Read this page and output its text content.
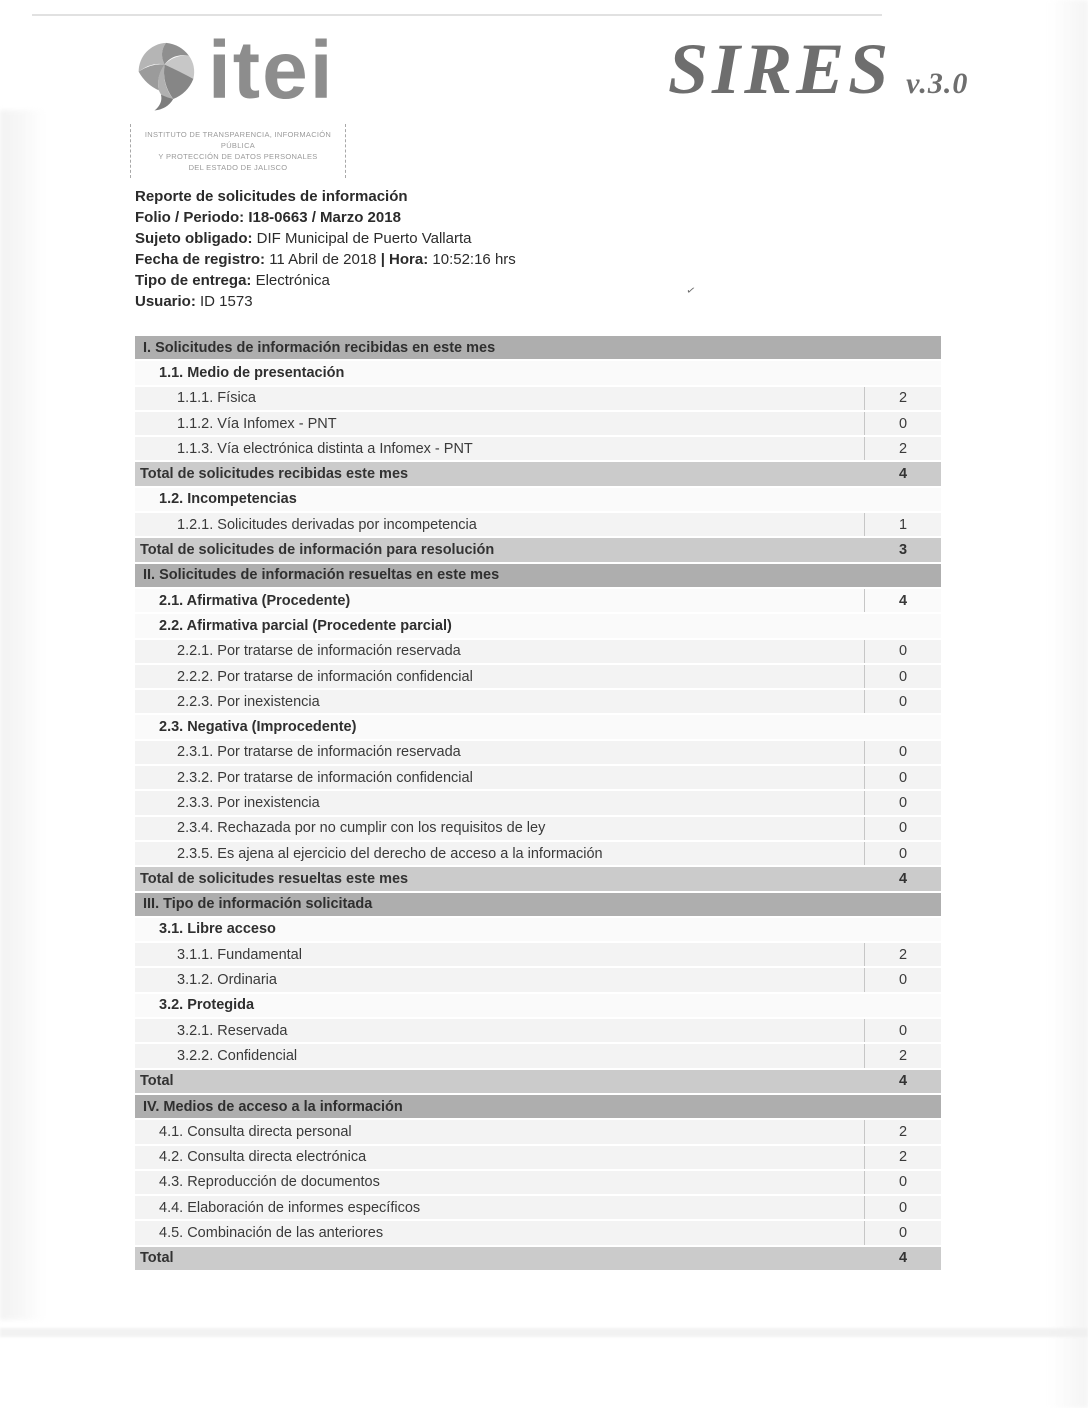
✓
itei
INSTITUTO DE TRANSPARENCIA, INFORMACIÓN PÚBLICA
Y PROTECCIÓN DE DATOS PERSONALES
DEL ESTADO DE JALISCO
SIRES v.3.0
Reporte de solicitudes de información
Folio / Periodo: I18-0663 / Marzo 2018
Sujeto obligado: DIF Municipal de Puerto Vallarta
Fecha de registro: 11 Abril de 2018 | Hora: 10:52:16 hrs
Tipo de entrega: Electrónica
Usuario: ID 1573
I. Solicitudes de información recibidas en este mes
1.1. Medio de presentación
1.1.1. Física	2
1.1.2. Vía Infomex - PNT	0
1.1.3. Vía electrónica distinta a Infomex - PNT	2
Total de solicitudes recibidas este mes	4
1.2. Incompetencias
1.2.1. Solicitudes derivadas por incompetencia	1
Total de solicitudes de información para resolución	3
II. Solicitudes de información resueltas en este mes
2.1. Afirmativa (Procedente)	4
2.2. Afirmativa parcial (Procedente parcial)
2.2.1. Por tratarse de información reservada	0
2.2.2. Por tratarse de información confidencial	0
2.2.3. Por inexistencia	0
2.3. Negativa (Improcedente)
2.3.1. Por tratarse de información reservada	0
2.3.2. Por tratarse de información confidencial	0
2.3.3. Por inexistencia	0
2.3.4. Rechazada por no cumplir con los requisitos de ley	0
2.3.5. Es ajena al ejercicio del derecho de acceso a la información	0
Total de solicitudes resueltas este mes	4
III. Tipo de información solicitada
3.1. Libre acceso
3.1.1. Fundamental	2
3.1.2. Ordinaria	0
3.2. Protegida
3.2.1. Reservada	0
3.2.2. Confidencial	2
Total	4
IV. Medios de acceso a la información
4.1. Consulta directa personal	2
4.2. Consulta directa electrónica	2
4.3. Reproducción de documentos	0
4.4. Elaboración de informes específicos	0
4.5. Combinación de las anteriores	0
Total	4
